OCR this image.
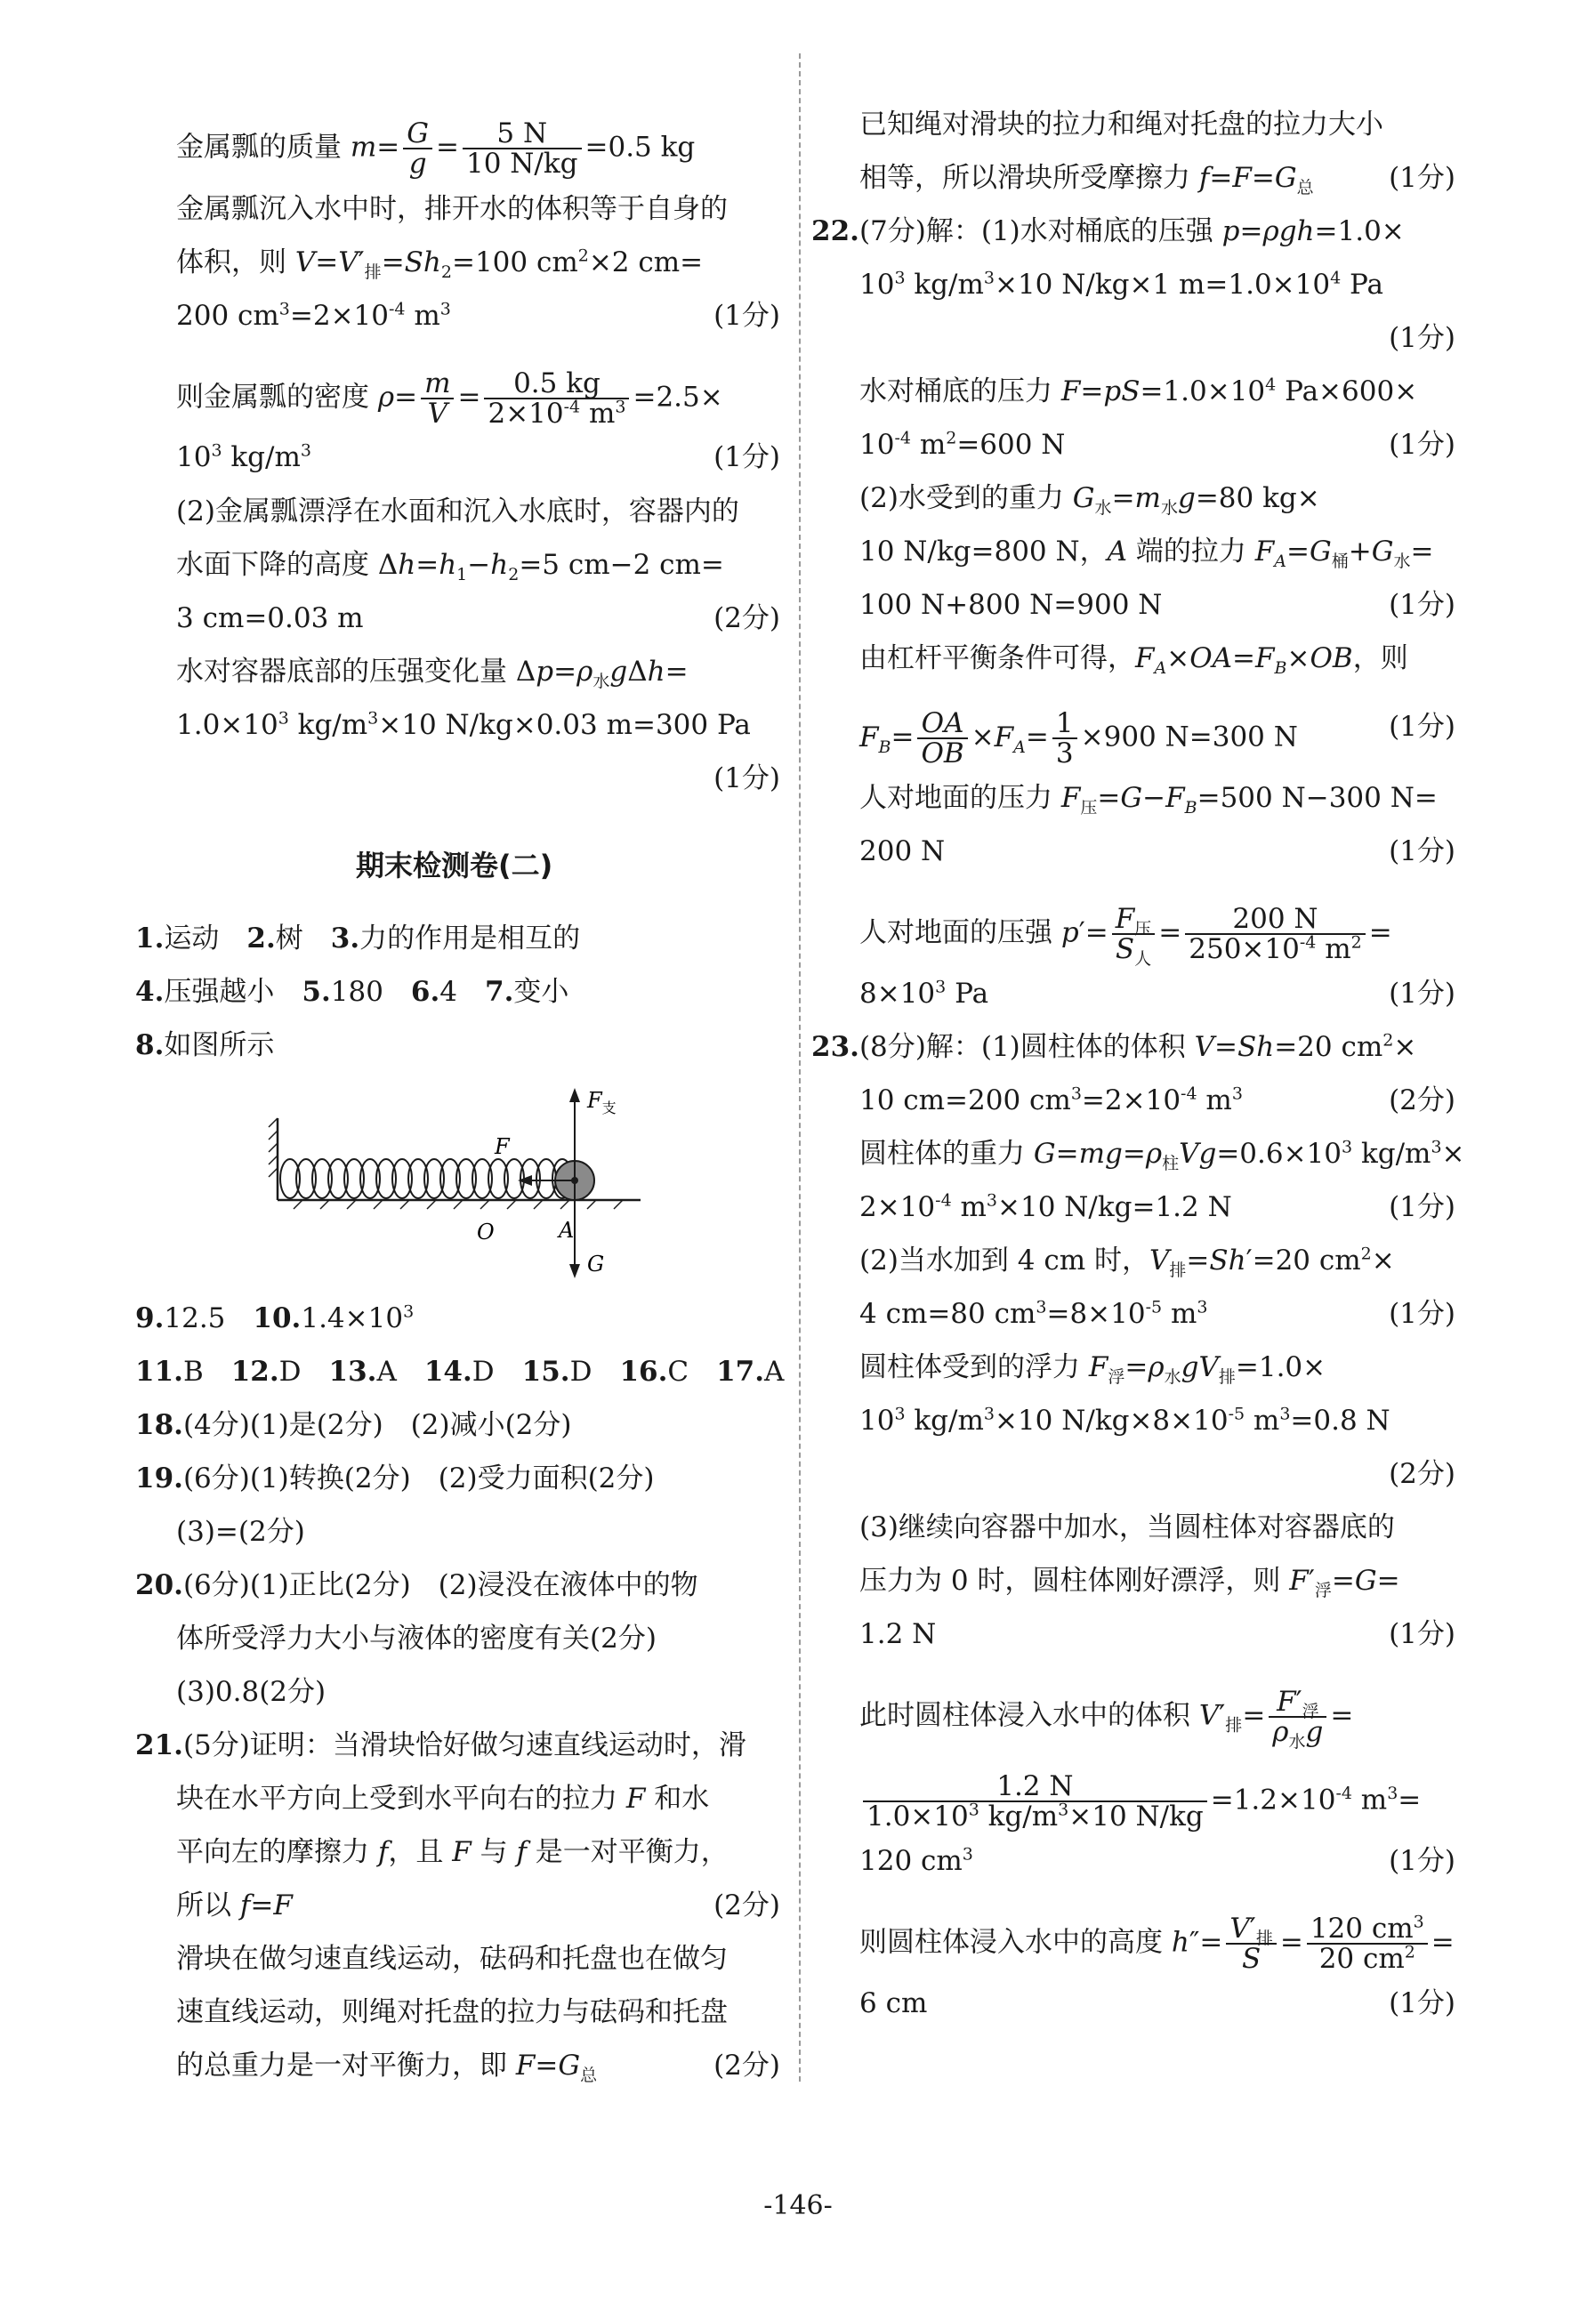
金属瓢的质量 $m= \frac{G}{g} = \frac{5 N}{10 N/kg} =0.5$ kg
金属瓢沉入水中时，排开水的体积等于自身的
体积，则 $V=V'_排=Sh_2=100$ $cm^2\times 2$ cm=
200 $cm^3=2\times 10^{-4}$ $m^3$	(1分)
则金属瓢的密度 $\rho= \frac{m}{V} = \frac{0.5 kg}{2\times 10^{-4} m^3} =2.5\times$
$10^3$ $kg/m^3$	(1分)
(2)金属瓢漂浮在水面和沉入水底时，容器内的
水面下降的高度 $\Delta h=h_1-h_2=5$ cm−2 cm=
3 cm=0.03 m	(2分)
水对容器底部的压强变化量 $\Delta p=\rho_水g\Delta h=$
$1.0\times 10^3$ $kg/m^3\times 10$ N/kg×0.03 m=300 Pa
(1分)
1.运动　 2.树　 3.力的作用是相互的
4.压强越小　 5.180　 6.4　 7.变小
8.如图所示
9.12.5　 $10.1.4\times 10^3$
11.B　 12.D　 13.A　 14.D　 15.D　 16.C　 17.A
18.(4分)(1)是(2分)　(2)减小(2分)
19.(6分)(1)转换(2分)　(2)受力面积(2分)
(3)=(2分)
20.(6分)(1)正比(2分)　(2)浸没在液体中的物
体所受浮力大小与液体的密度有关(2分)
(3)0.8(2分)
21.(5分)证明：当滑块恰好做匀速直线运动时，滑
块在水平方向上受到水平向右的拉力 F 和水
平向左的摩擦力 f，且 F 与 f 是一对平衡力，
所以 f=F	(2分)
滑块在做匀速直线运动，砝码和托盘也在做匀
速直线运动，则绳对托盘的拉力与砝码和托盘
的总重力是一对平衡力，即 $F=G_总$	(2分)
期末检测卷(二)
$F_支$
F
O	A
G
已知绳对滑块的拉力和绳对托盘的拉力大小
相等，所以滑块所受摩擦力 $f=F=G_总$	(1分)
22.(7分)解：(1)水对桶底的压强 p=ρgh=1.0×
$10^3$ $kg/m^3\times 10$ N/kg×1 $m=1.0\times 10^4$ Pa
(1分)
水对桶底的压力 $F=pS=1.0\times 10^4$ Pa×600×
$10^{-4}$ $m^2=600$ N	(1分)
(2)水受到的重力 $G_水=m_水g=80$ kg×
10 N/kg=800 N，A 端的拉力 $F_A=G_桶+G_水=$
100 N+800 N=900 N	(1分)
由杠杆平衡条件可得，$F_A\times OA=F_B\times OB$，则
$F_B= \frac{OA}{OB} \times F_A= \frac{1}{3} \times 900$ N=300 N	(1分)
人对地面的压力 $F_压=G-F_B=500$ N−300 N=
200 N	(1分)
人对地面的压强 $p'= \frac{F_压}{S_人} = \frac{200 N}{250\times 10^{-4} m^2}$ =
$8\times 10^3$ Pa	(1分)
23.(8分)解：(1)圆柱体的体积 V=Sh=20 $cm^2\times$
10 cm=200 $cm^3=2\times 10^{-4}$ $m^3$	(2分)
圆柱体的重力 $G=mg=\rho_柱Vg=0.6\times 10^3$ $kg/m^3\times$
$2\times 10^{-4}$ $m^3\times 10$ N/kg=1.2 N	(1分)
(2)当水加到 4 cm 时，$V_排=Sh'=20$ $cm^2\times$
4 cm=80 $cm^3=8\times 10^{-5}$ $m^3$	(1分)
圆柱体受到的浮力 $F_浮=\rho_水gV_排=1.0\times$
$10^3$ $kg/m^3\times 10$ $N/kg\times 8\times 10^{-5}$ $m^3=0.8$ N
(2分)
(3)继续向容器中加水，当圆柱体对容器底的
压力为 0 时，圆柱体刚好漂浮，则 $F'_浮=G=$
1.2 N	(1分)
此时圆柱体浸入水中的体积 $V'_排= \frac{F'_浮}{\rho_水g}$ =
$\frac{1.2 N}{1.0\times 10^3 kg/m^3\times 10 N/kg} =1.2\times 10^{-4}$ $m^3=$
120 $cm^3$	(1分)
则圆柱体浸入水中的高度 $h''= \frac{V'_排}{S} = \frac{120 cm^3}{20 cm^2}$ =
6 cm	(1分)
-146-
